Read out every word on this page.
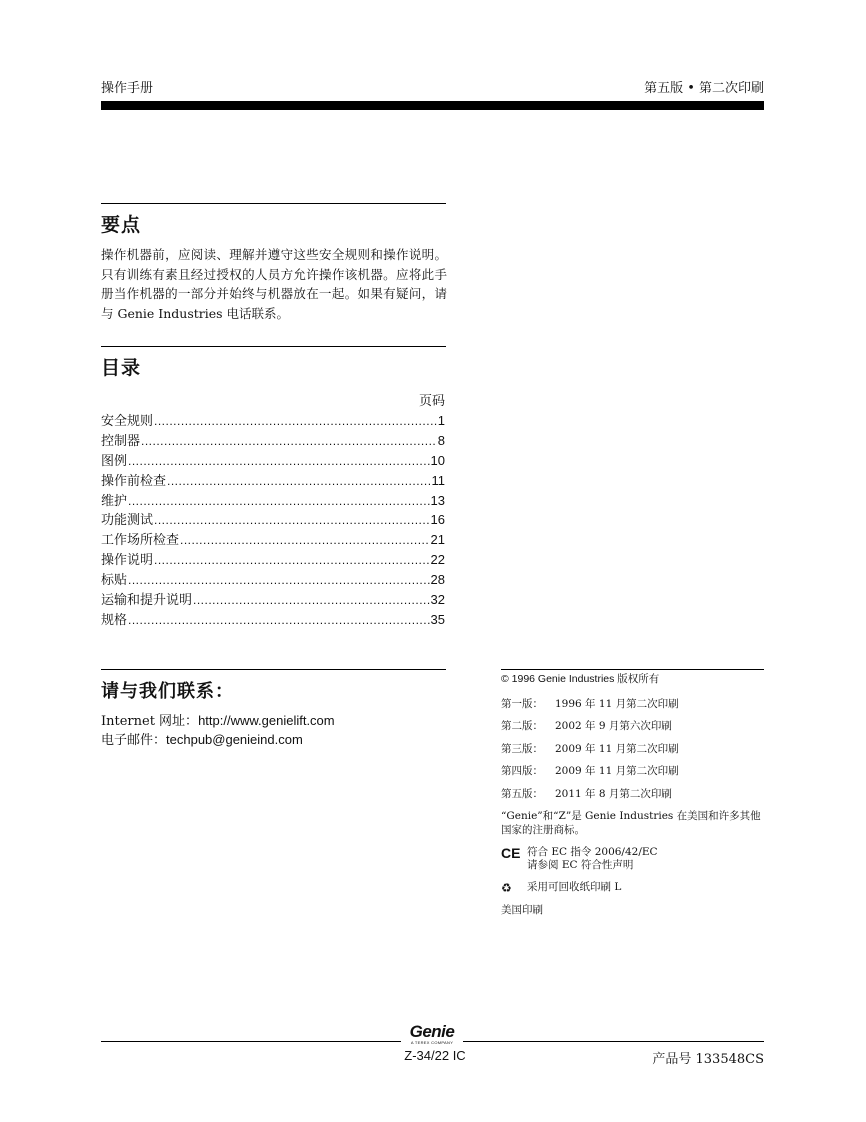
操作手册	第五版 • 第二次印刷
要点
操作机器前，应阅读、理解并遵守这些安全规则和操作说明。只有训练有素且经过授权的人员方允许操作该机器。应将此手册当作机器的一部分并始终与机器放在一起。如果有疑问，请与 Genie Industries 电话联系。
目录
页码
安全规则 .....	1
控制器 .....	8
图例 .....	10
操作前检查 .....	11
维护 .....	13
功能测试 .....	16
工作场所检查 .....	21
操作说明 .....	22
标贴 .....	28
运输和提升说明 .....	32
规格 .....	35
请与我们联系：
Internet 网址：http://www.genielift.com
电子邮件：techpub@genieind.com
© 1996 Genie Industries 版权所有
第一版：	1996 年 11 月第二次印刷
第二版：	2002 年 9 月第六次印刷
第三版：	2009 年 11 月第二次印刷
第四版：	2009 年 11 月第二次印刷
第五版：	2011 年 8 月第二次印刷
“Genie”和“Z”是 Genie Industries 在美国和许多其他国家的注册商标。
CE 符合 EC 指令 2006/42/EC
请参阅 EC 符合性声明
♻	采用可回收纸印刷 L
美国印刷
Genie
A TEREX COMPANY
Z-34/22 IC	产品号 133548CS
